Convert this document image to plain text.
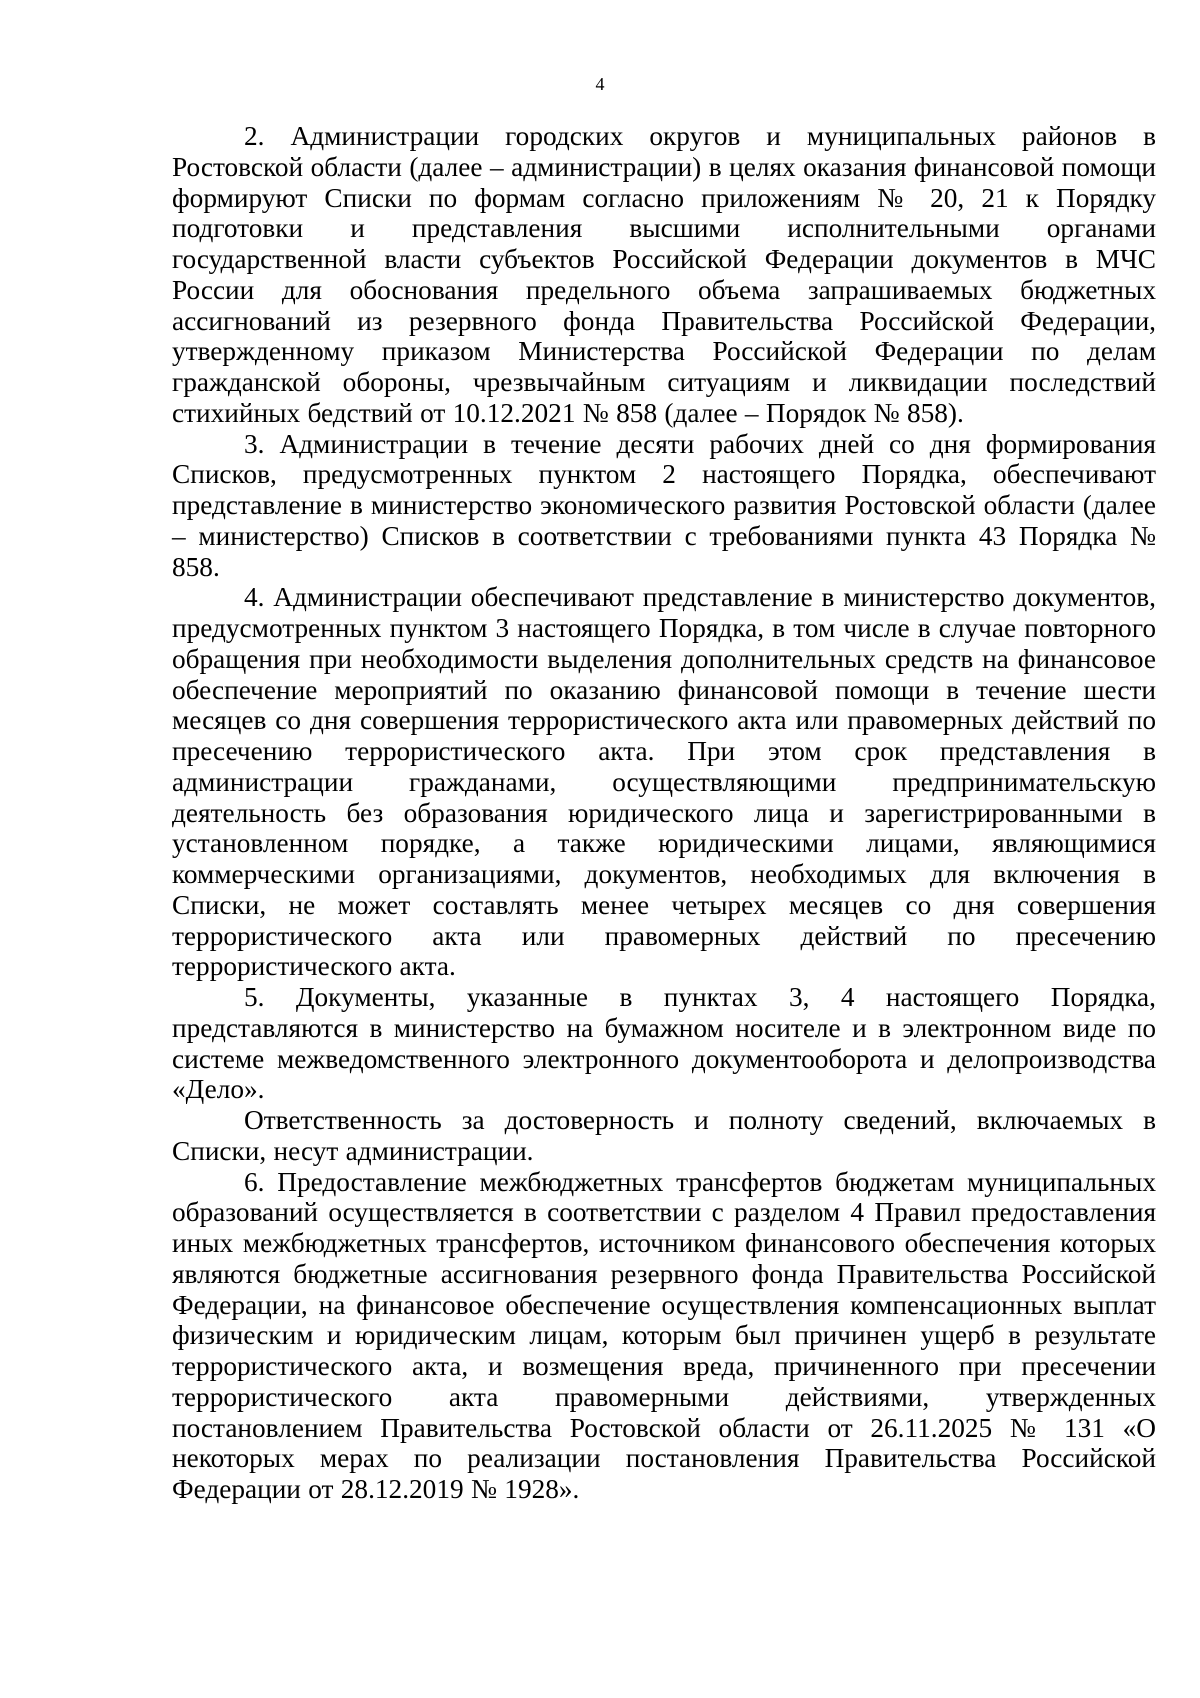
4

2. Администрации городских округов и муниципальных районов в Ростовской области (далее – администрации) в целях оказания финансовой помощи формируют Списки по формам согласно приложениям № 20, 21 к Порядку подготовки и представления высшими исполнительными органами государственной власти субъектов Российской Федерации документов в МЧС России для обоснования предельного объема запрашиваемых бюджетных ассигнований из резервного фонда Правительства Российской Федерации, утвержденному приказом Министерства Российской Федерации по делам гражданской обороны, чрезвычайным ситуациям и ликвидации последствий стихийных бедствий от 10.12.2021 № 858 (далее – Порядок № 858).

3. Администрации в течение десяти рабочих дней со дня формирования Списков, предусмотренных пунктом 2 настоящего Порядка, обеспечивают представление в министерство экономического развития Ростовской области (далее – министерство) Списков в соответствии с требованиями пункта 43 Порядка № 858.

4. Администрации обеспечивают представление в министерство документов, предусмотренных пунктом 3 настоящего Порядка, в том числе в случае повторного обращения при необходимости выделения дополнительных средств на финансовое обеспечение мероприятий по оказанию финансовой помощи в течение шести месяцев со дня совершения террористического акта или правомерных действий по пресечению террористического акта. При этом срок представления в администрации гражданами, осуществляющими предпринимательскую деятельность без образования юридического лица и зарегистрированными в установленном порядке, а также юридическими лицами, являющимися коммерческими организациями, документов, необходимых для включения в Списки, не может составлять менее четырех месяцев со дня совершения террористического акта или правомерных действий по пресечению террористического акта.

5. Документы, указанные в пунктах 3, 4 настоящего Порядка, представляются в министерство на бумажном носителе и в электронном виде по системе межведомственного электронного документооборота и делопроизводства «Дело».

Ответственность за достоверность и полноту сведений, включаемых в Списки, несут администрации.

6. Предоставление межбюджетных трансфертов бюджетам муниципальных образований осуществляется в соответствии с разделом 4 Правил предоставления иных межбюджетных трансфертов, источником финансового обеспечения которых являются бюджетные ассигнования резервного фонда Правительства Российской Федерации, на финансовое обеспечение осуществления компенсационных выплат физическим и юридическим лицам, которым был причинен ущерб в результате террористического акта, и возмещения вреда, причиненного при пресечении террористического акта правомерными действиями, утвержденных постановлением Правительства Ростовской области от 26.11.2025 № 131 «О некоторых мерах по реализации постановления Правительства Российской Федерации от 28.12.2019 № 1928».
